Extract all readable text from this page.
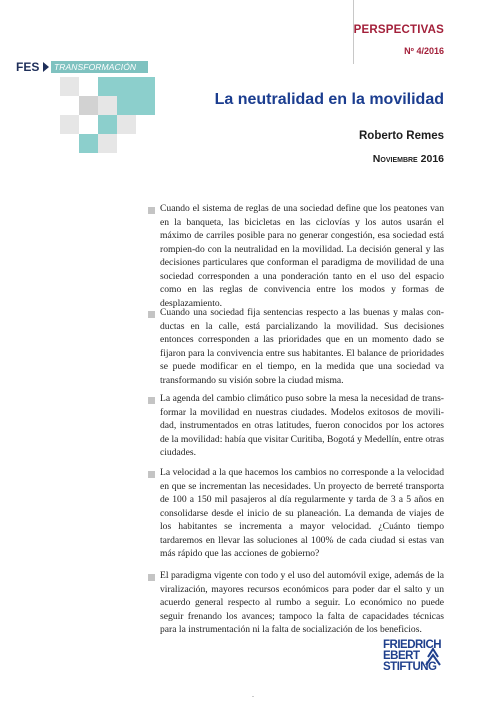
PERSPECTIVAS
Nº 4/2016
FES TRANSFORMACIÓN
La neutralidad en la movilidad
Roberto Remes
Noviembre 2016

Cuando el sistema de reglas de una sociedad define que los peatones van en la banqueta, las bicicletas en las ciclovías y los autos usarán el máximo de carriles posible para no generar congestión, esa sociedad está rompien-do con la neutralidad en la movilidad. La decisión general y las decisiones particulares que conforman el paradigma de movilidad de una sociedad corresponden a una ponderación tanto en el uso del espacio como en las reglas de convivencia entre los modos y formas de desplazamiento.

Cuando una sociedad fija sentencias respecto a las buenas y malas con-ductas en la calle, está parcializando la movilidad. Sus decisiones entonces corresponden a las prioridades que en un momento dado se fijaron para la convivencia entre sus habitantes. El balance de prioridades se puede modificar en el tiempo, en la medida que una sociedad va transformando su visión sobre la ciudad misma.

La agenda del cambio climático puso sobre la mesa la necesidad de trans-formar la movilidad en nuestras ciudades. Modelos exitosos de movili-dad, instrumentados en otras latitudes, fueron conocidos por los actores de la movilidad: había que visitar Curitiba, Bogotá y Medellín, entre otras ciudades.

La velocidad a la que hacemos los cambios no corresponde a la velocidad en que se incrementan las necesidades. Un proyecto de berreté transporta de 100 a 150 mil pasajeros al día regularmente y tarda de 3 a 5 años en consolidarse desde el inicio de su planeación. La demanda de viajes de los habitantes se incrementa a mayor velocidad. ¿Cuánto tiempo tardaremos en llevar las soluciones al 100% de cada ciudad si estas van más rápido que las acciones de gobierno?

El paradigma vigente con todo y el uso del automóvil exige, además de la viralización, mayores recursos económicos para poder dar el salto y un acuerdo general respecto al rumbo a seguir. Lo económico no puede seguir frenando los avances; tampoco la falta de capacidades técnicas para la instrumentación ni la falta de socialización de los beneficios.

FRIEDRICH
EBERT
STIFTUNG
.
